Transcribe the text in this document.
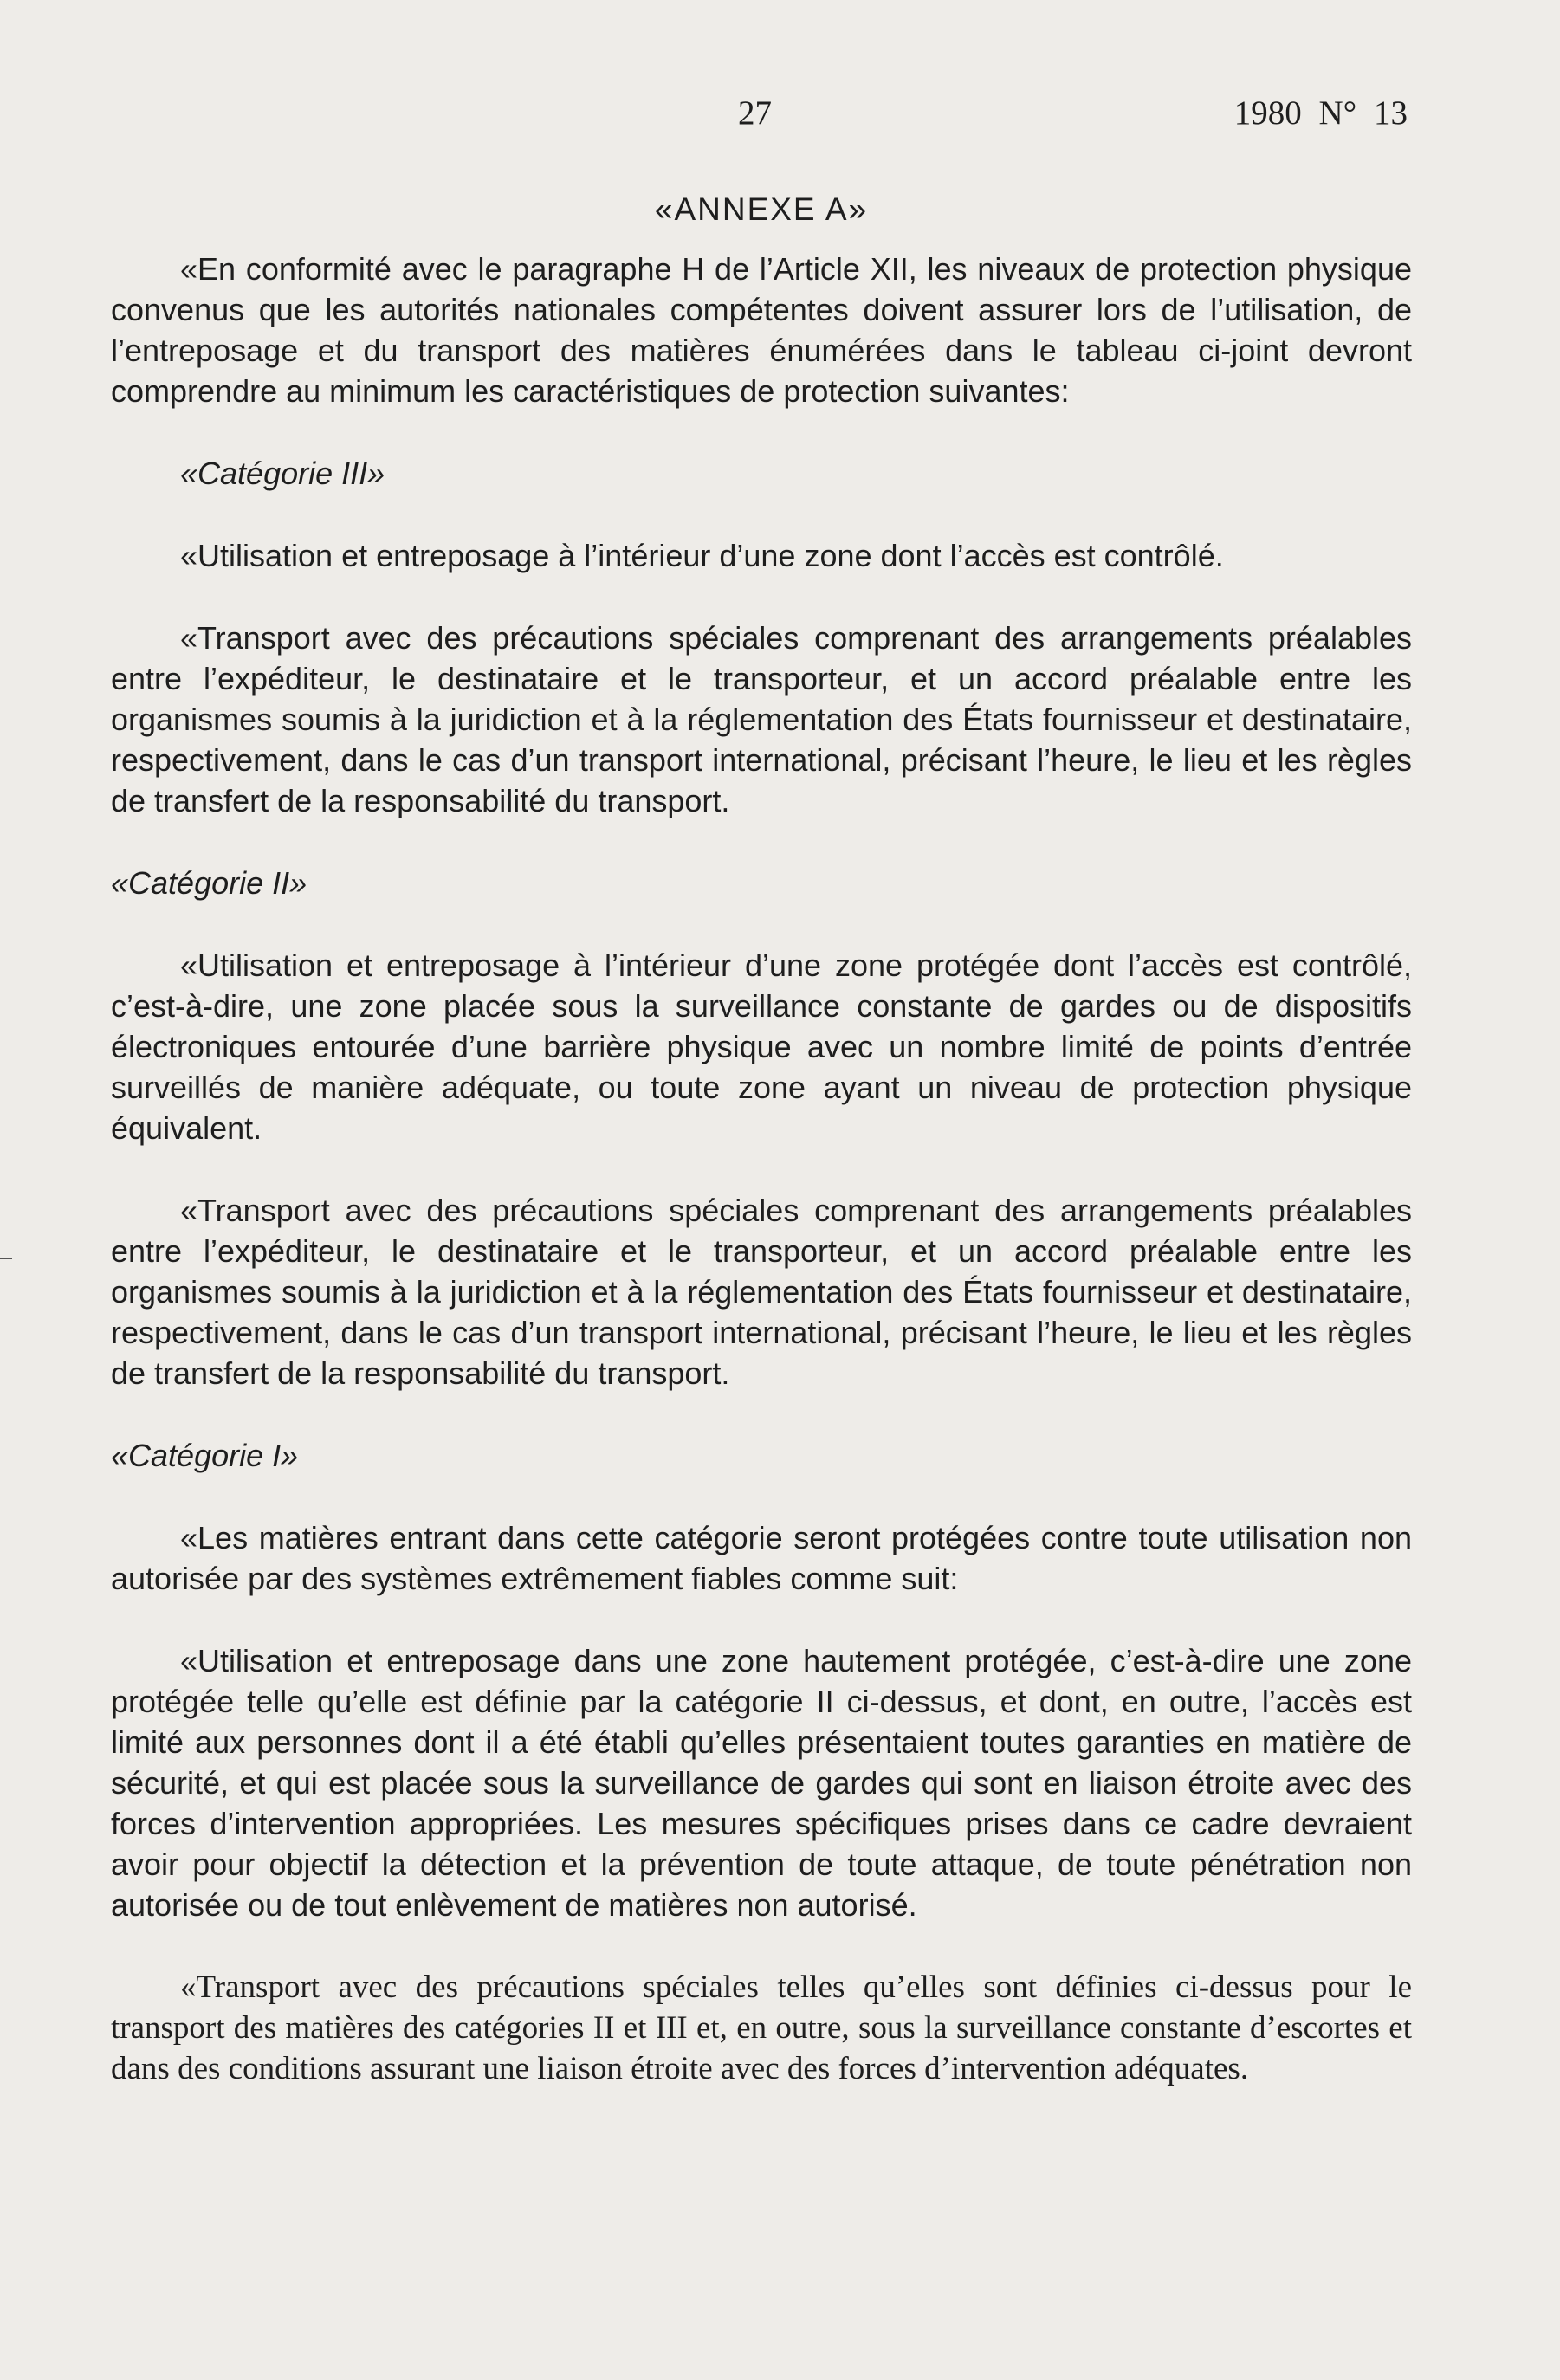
27	1980 N° 13

«ANNEXE A»

«En conformité avec le paragraphe H de l’Article XII, les niveaux de protection physique convenus que les autorités nationales compétentes doivent assurer lors de l’utilisation, de l’entreposage et du transport des matières énumérées dans le tableau ci-joint devront comprendre au minimum les caractéristiques de protection suivantes:

«Catégorie III»

«Utilisation et entreposage à l’intérieur d’une zone dont l’accès est contrôlé.

«Transport avec des précautions spéciales comprenant des arrangements préalables entre l’expéditeur, le destinataire et le transporteur, et un accord préalable entre les organismes soumis à la juridiction et à la réglementation des États fournisseur et destinataire, respectivement, dans le cas d’un transport international, précisant l’heure, le lieu et les règles de transfert de la responsabilité du transport.

«Catégorie II»

«Utilisation et entreposage à l’intérieur d’une zone protégée dont l’accès est contrôlé, c’est-à-dire, une zone placée sous la surveillance constante de gardes ou de dispositifs électroniques entourée d’une barrière physique avec un nombre limité de points d’entrée surveillés de manière adéquate, ou toute zone ayant un niveau de protection physique équivalent.

«Transport avec des précautions spéciales comprenant des arrangements préalables entre l’expéditeur, le destinataire et le transporteur, et un accord préalable entre les organismes soumis à la juridiction et à la réglementation des États fournisseur et destinataire, respectivement, dans le cas d’un transport international, précisant l’heure, le lieu et les règles de transfert de la responsabilité du transport.

«Catégorie I»

«Les matières entrant dans cette catégorie seront protégées contre toute utilisation non autorisée par des systèmes extrêmement fiables comme suit:

«Utilisation et entreposage dans une zone hautement protégée, c’est-à-dire une zone protégée telle qu’elle est définie par la catégorie II ci-dessus, et dont, en outre, l’accès est limité aux personnes dont il a été établi qu’elles présentaient toutes garanties en matière de sécurité, et qui est placée sous la surveillance de gardes qui sont en liaison étroite avec des forces d’intervention appropriées. Les mesures spécifiques prises dans ce cadre devraient avoir pour objectif la détection et la prévention de toute attaque, de toute pénétration non autorisée ou de tout enlèvement de matières non autorisé.

«Transport avec des précautions spéciales telles qu’elles sont définies ci-dessus pour le transport des matières des catégories II et III et, en outre, sous la surveillance constante d’escortes et dans des conditions assurant une liaison étroite avec des forces d’intervention adéquates.
